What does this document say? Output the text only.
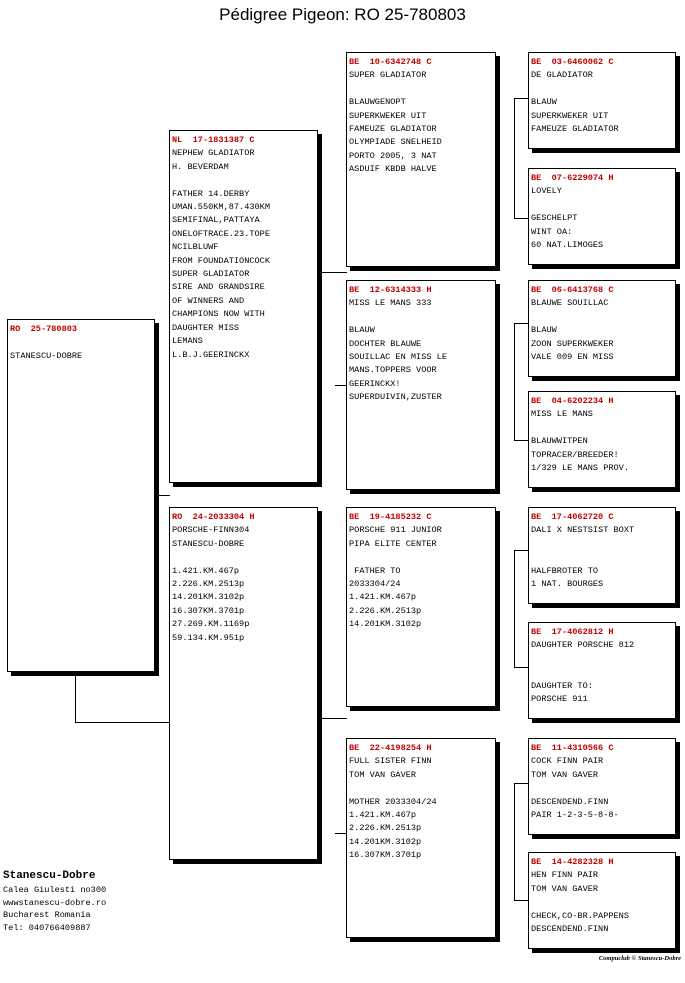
Pédigree Pigeon: RO 25-780803
RO  25-780803

STANESCU-DOBRE
NL  17-1831387 C
NEPHEW GLADIATOR
H. BEVERDAM

FATHER 14.DERBY
UMAN.550KM,87.430KM
SEMIFINAL,PATTAYA
ONELOFTRACE.23.TOPE
NCILBLUWF
FROM FOUNDATIONCOCK
SUPER GLADIATOR
SIRE AND GRANDSIRE
OF WINNERS AND
CHAMPIONS NOW WITH
DAUGHTER MISS
LEMANS
L.B.J.GEERINCKX
RO  24-2033304 H
PORSCHE-FINN304
STANESCU-DOBRE

1.421.KM.467p
2.226.KM.2513p
14.201KM.3102p
16.307KM.3701p
27.269.KM.1169p
59.134.KM.951p
BE  10-6342748 C
SUPER GLADIATOR

BLAUWGENOPT
SUPERKWEKER UIT
FAMEUZE GLADIATOR
OLYMPIADE SNELHEID
PORTO 2005, 3 NAT
ASDUIF KBDB HALVE
BE  12-6314333 H
MISS LE MANS 333

BLAUW
DOCHTER BLAUWE
SOUILLAC EN MISS LE
MANS.TOPPERS VOOR
GEERINCKX!
SUPERDUIVIN,ZUSTER
BE  19-4185232 C
PORSCHE 911 JUNIOR
PIPA ELITE CENTER

FATHER TO
2033304/24
1.421.KM.467p
2.226.KM.2513p
14.201KM.3102p
BE  22-4198254 H
FULL SISTER FINN
TOM VAN GAVER

MOTHER 2033304/24
1.421.KM.467p
2.226.KM.2513p
14.201KM.3102p
16.307KM.3701p
BE  03-6460062 C
DE GLADIATOR

BLAUW
SUPERKWEKER UIT
FAMEUZE GLADIATOR
BE  07-6229074 H
LOVELY

GESCHELPT
WINT OA:
60 NAT.LIMOGES
BE  06-6413768 C
BLAUWE SOUILLAC

BLAUW
ZOON SUPERKWEKER
VALE 009 EN MISS
BE  04-6202234 H
MISS LE MANS

BLAUWWITPEN
TOPRACER/BREEDER!
1/329 LE MANS PROV.
BE  17-4062720 C
DALI X NESTSIST BOXT

HALFBROTER TO
1 NAT. BOURGES
BE  17-4062812 H
DAUGHTER PORSCHE 812

DAUGHTER TO:
PORSCHE 911
BE  11-4310566 C
COCK FINN PAIR
TOM VAN GAVER

DESCENDEND.FINN
PAIR 1-2-3-5-8-8-
BE  14-4282328 H
HEN FINN PAIR
TOM VAN GAVER

CHECK,CO-BR.PAPPENS
DESCENDEND.FINN
Stanescu-Dobre
Calea Giulesti no300
wwwstanescu-dobre.ro
Bucharest Romania
Tel: 040766409887
Compuclub © Stanescu-Dobre
